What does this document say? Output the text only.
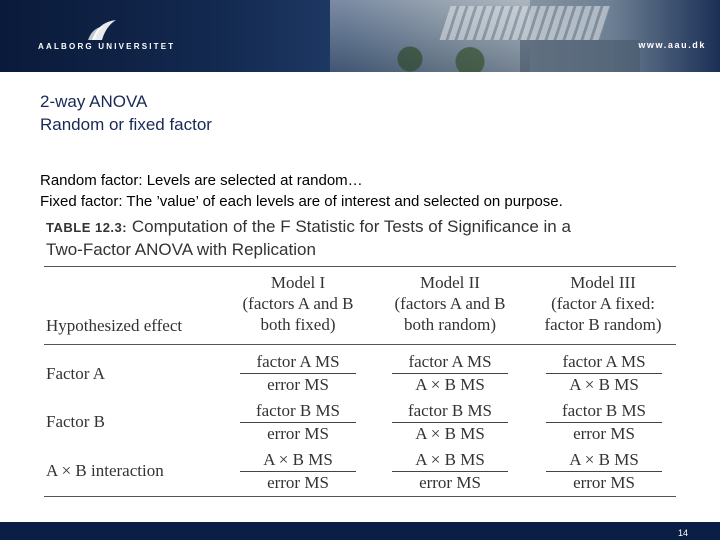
AALBORG UNIVERSITET	www.aau.dk
2-way ANOVA
Random or fixed factor
Random factor: Levels are selected at random…
Fixed factor: The ’value’ of each levels are of interest and selected on purpose.
TABLE 12.3: Computation of the F Statistic for Tests of Significance in a
Two-Factor ANOVA with Replication
Model I
(factors A and B
both fixed)
Model II
(factors A and B
both random)
Model III
(factor A fixed:
factor B random)
Hypothesized effect
Factor A
factor A MS
error MS
factor A MS
A × B MS
factor A MS
A × B MS
Factor B
factor B MS
error MS
factor B MS
A × B MS
factor B MS
error MS
A × B interaction
A × B MS
error MS
A × B MS
error MS
A × B MS
error MS
14
